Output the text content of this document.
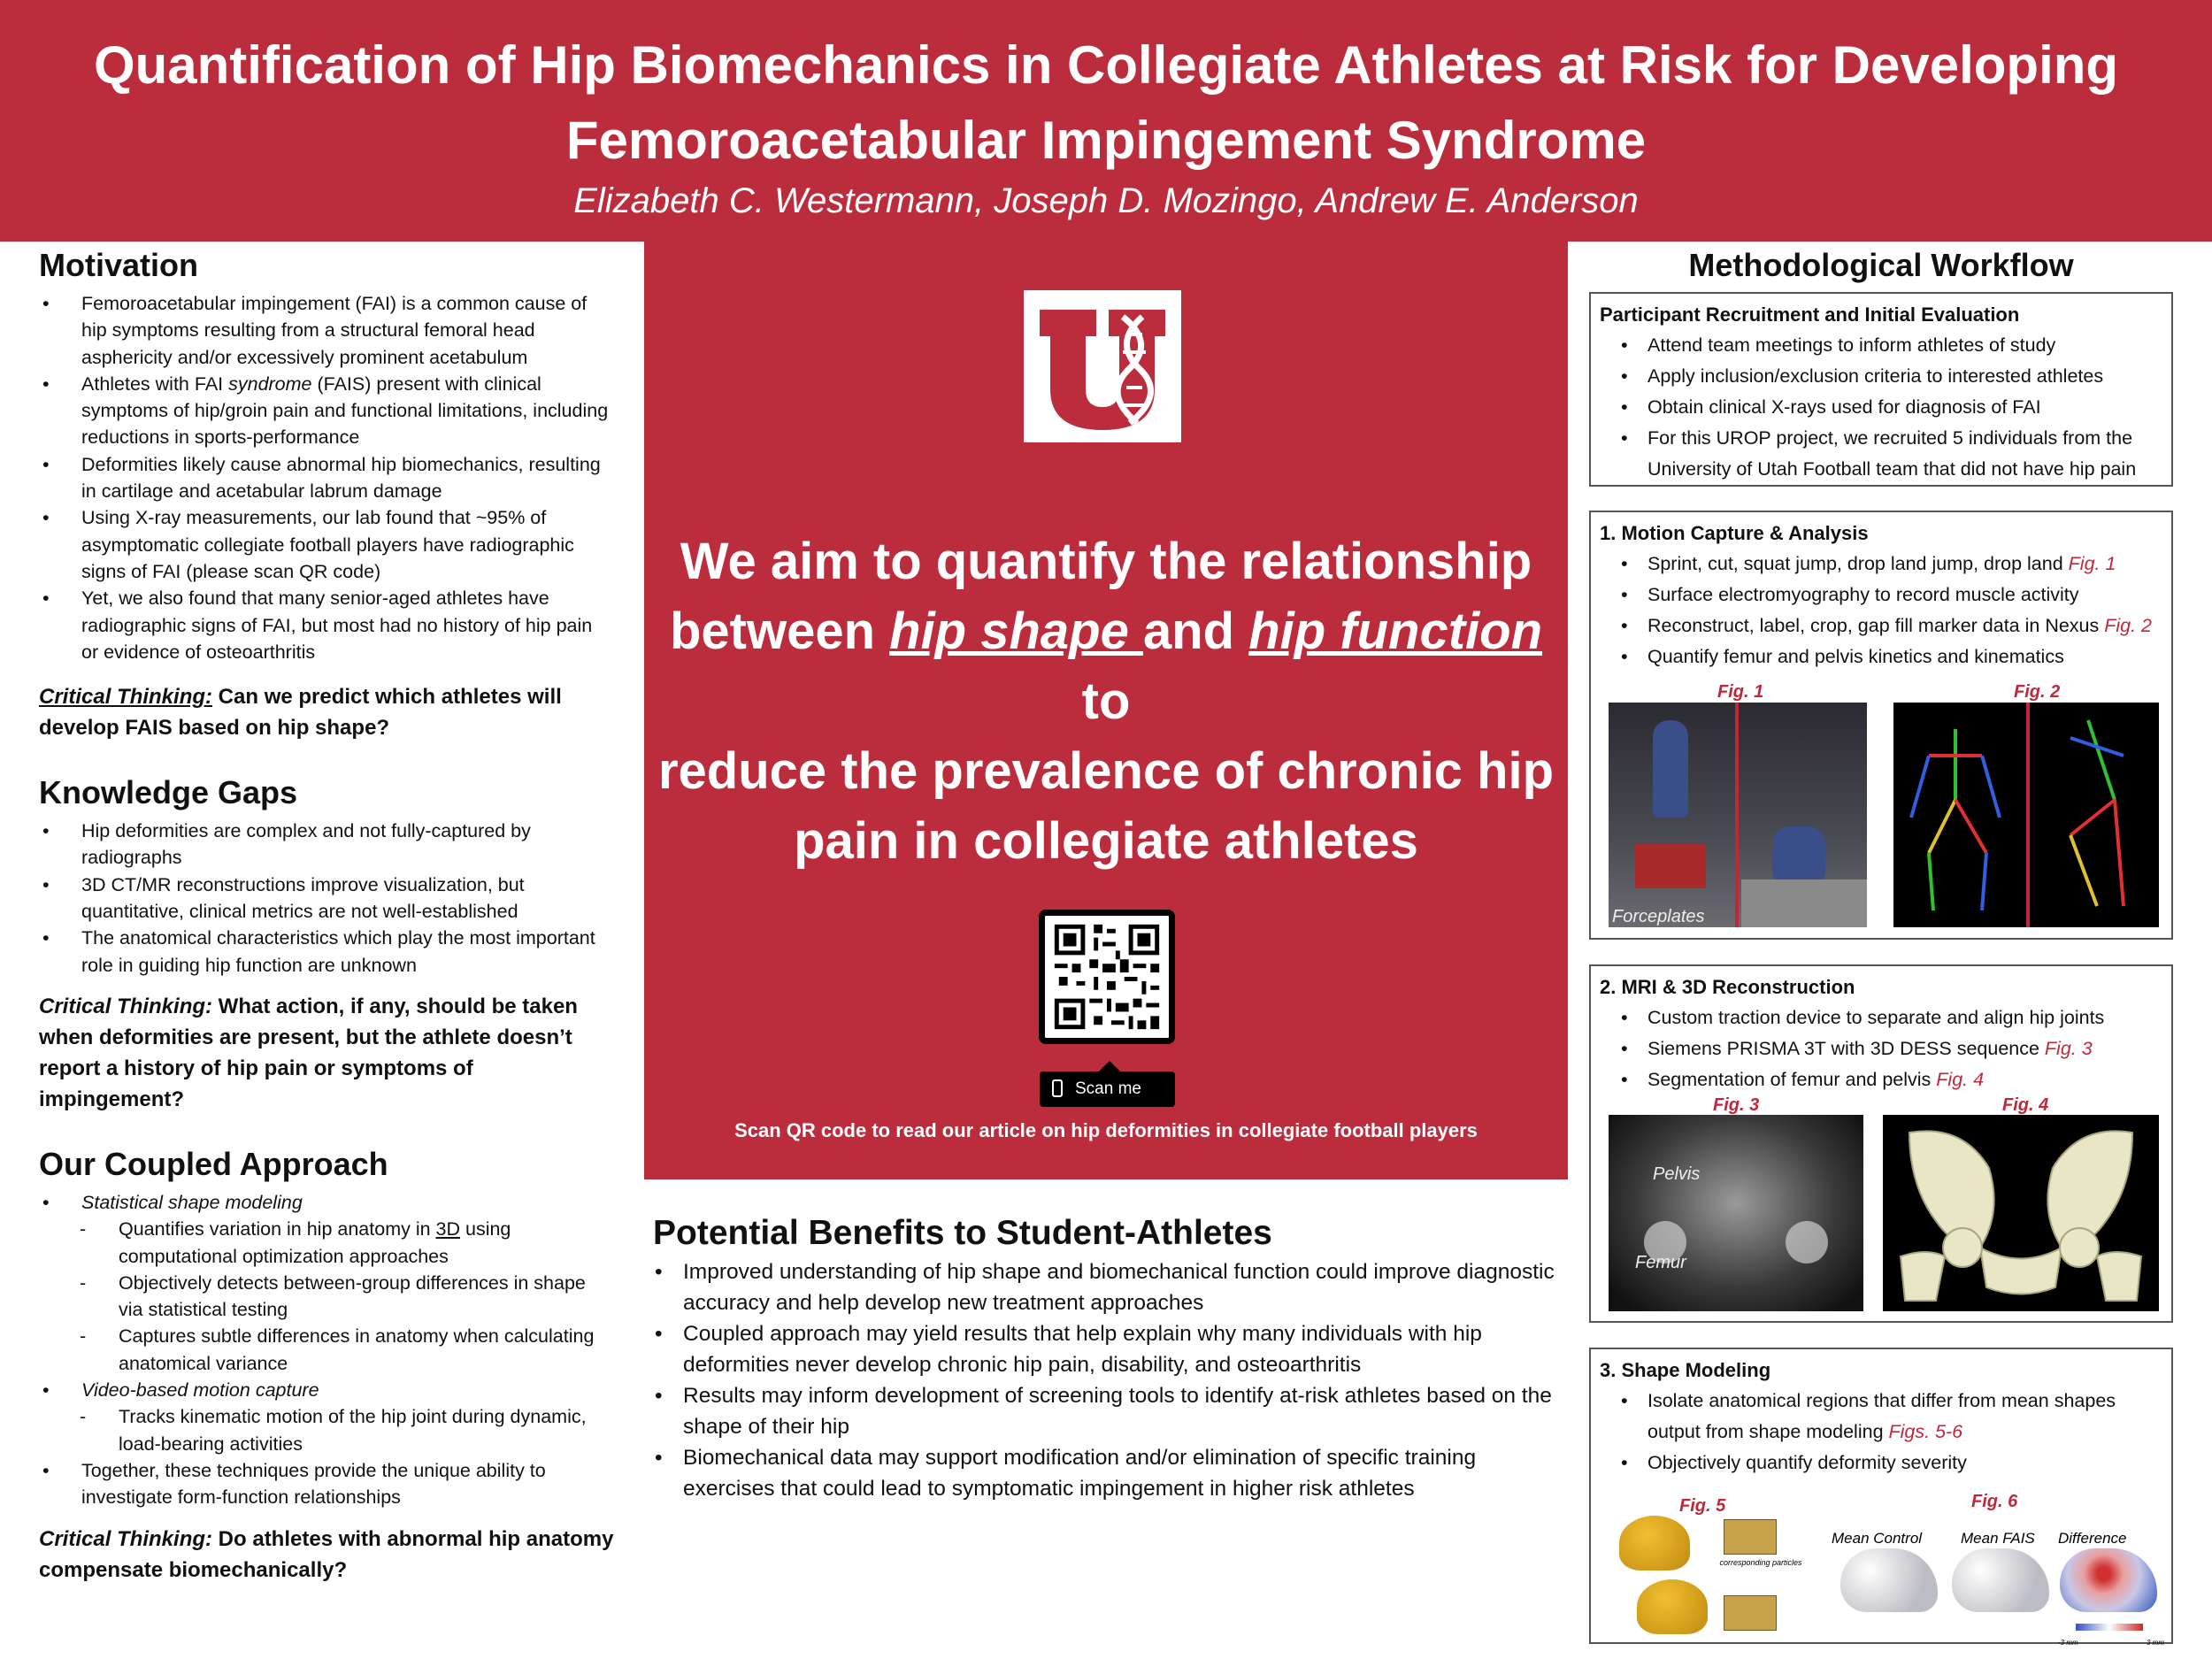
Quantification of Hip Biomechanics in Collegiate Athletes at Risk for Developing
Femoroacetabular Impingement Syndrome
Elizabeth C. Westermann, Joseph D. Mozingo, Andrew E. Anderson
Motivation
• Femoroacetabular impingement (FAI) is a common cause of hip symptoms resulting from a structural femoral head asphericity and/or excessively prominent acetabulum
• Athletes with FAI syndrome (FAIS) present with clinical symptoms of hip/groin pain and functional limitations, including reductions in sports-performance
• Deformities likely cause abnormal hip biomechanics, resulting in cartilage and acetabular labrum damage
• Using X-ray measurements, our lab found that ~95% of asymptomatic collegiate football players have radiographic signs of FAI (please scan QR code)
• Yet, we also found that many senior-aged athletes have radiographic signs of FAI, but most had no history of hip pain or evidence of osteoarthritis
Critical Thinking: Can we predict which athletes will develop FAIS based on hip shape?
Knowledge Gaps
• Hip deformities are complex and not fully-captured by radiographs
• 3D CT/MR reconstructions improve visualization, but quantitative, clinical metrics are not well-established
• The anatomical characteristics which play the most important role in guiding hip function are unknown
Critical Thinking: What action, if any, should be taken when deformities are present, but the athlete doesn’t report a history of hip pain or symptoms of impingement?
Our Coupled Approach
• Statistical shape modeling
- Quantifies variation in hip anatomy in 3D using computational optimization approaches
- Objectively detects between-group differences in shape via statistical testing
- Captures subtle differences in anatomy when calculating anatomical variance
• Video-based motion capture
- Tracks kinematic motion of the hip joint during dynamic, load-bearing activities
• Together, these techniques provide the unique ability to investigate form-function relationships
Critical Thinking: Do athletes with abnormal hip anatomy compensate biomechanically?
We aim to quantify the relationship
between hip shape and hip function to
reduce the prevalence of chronic hip
pain in collegiate athletes
Scan me
Scan QR code to read our article on hip deformities in collegiate football players
Potential Benefits to Student-Athletes
• Improved understanding of hip shape and biomechanical function could improve diagnostic accuracy and help develop new treatment approaches
• Coupled approach may yield results that help explain why many individuals with hip deformities never develop chronic hip pain, disability, and osteoarthritis
• Results may inform development of screening tools to identify at-risk athletes based on the shape of their hip
• Biomechanical data may support modification and/or elimination of specific training exercises that could lead to symptomatic impingement in higher risk athletes
Methodological Workflow
Participant Recruitment and Initial Evaluation
• Attend team meetings to inform athletes of study
• Apply inclusion/exclusion criteria to interested athletes
• Obtain clinical X-rays used for diagnosis of FAI
• For this UROP project, we recruited 5 individuals from the University of Utah Football team that did not have hip pain
1. Motion Capture & Analysis
• Sprint, cut, squat jump, drop land jump, drop land Fig. 1
• Surface electromyography to record muscle activity
• Reconstruct, label, crop, gap fill marker data in Nexus Fig. 2
• Quantify femur and pelvis kinetics and kinematics
Fig. 1	Fig. 2
Forceplates
2. MRI & 3D Reconstruction
• Custom traction device to separate and align hip joints
• Siemens PRISMA 3T with 3D DESS sequence Fig. 3
• Segmentation of femur and pelvis Fig. 4
Fig. 3	Fig. 4
Pelvis
Femur
3. Shape Modeling
• Isolate anatomical regions that differ from mean shapes output from shape modeling Figs. 5-6
• Objectively quantify deformity severity
Fig. 5	Fig. 6
corresponding particles
Mean Control	Mean FAIS Difference
-3 mm	3 mm
